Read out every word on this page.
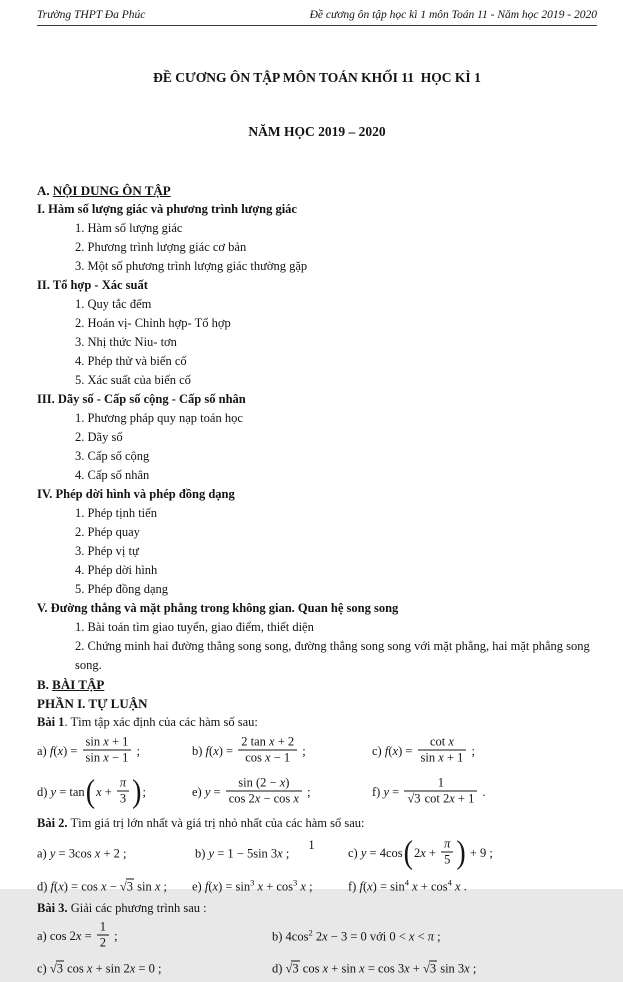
Trường THPT Đa Phúc	Đề cương ôn tập học kì 1 môn Toán 11 - Năm học 2019 - 2020

ĐỀ CƯƠNG ÔN TẬP MÔN TOÁN KHỐI 11  HỌC KÌ 1

NĂM HỌC 2019 – 2020

A. NỘI DUNG ÔN TẬP
I. Hàm số lượng giác và phương trình lượng giác
1. Hàm số lượng giác
2. Phương trình lượng giác cơ bản
3. Một số phương trình lượng giác thường gặp
II. Tổ hợp - Xác suất
1. Quy tắc đếm
2. Hoán vị- Chỉnh hợp- Tổ hợp
3. Nhị thức Niu- tơn
4. Phép thử và biến cố
5. Xác suất của biến cố
III. Dãy số - Cấp số cộng - Cấp số nhân
1. Phương pháp quy nạp toán học
2. Dãy số
3. Cấp số cộng
4. Cấp số nhân
IV. Phép dời hình và phép đồng dạng
1. Phép tịnh tiến
2. Phép quay
3. Phép vị tự
4. Phép dời hình
5. Phép đồng dạng
V. Đường thẳng và mặt phẳng trong không gian. Quan hệ song song
1. Bài toán tìm giao tuyến, giao điểm, thiết diện
2. Chứng minh hai đường thẳng song song, đường thẳng song song với mặt phẳng, hai mặt phẳng song song.
B. BÀI TẬP
PHẦN I. TỰ LUẬN
Bài 1. Tìm tập xác định của các hàm số sau:
a) $f(x) = \frac{\text{sin x + 1}}{\text{sin x − 1}}$ ;	b) $f(x) = \frac{\text{2 tan x + 2}}{\text{cos x − 1}}$ ;	c) $f(x) = \frac{\text{cot x}}{\text{sin x + 1}}$ ;
d) y = tan ( $x + \frac{\pi}{3}$ ) ;	e) $y = \frac{\sin (2 - x)}{\text{cos 2x − cos x}}$ ;	f) $y = \frac{1}{√3 \cot 2x + 1}$ .
Bài 2. Tìm giá trị lớn nhất và giá trị nhỏ nhất của các hàm số sau:
a) y = 3cos x + 2 ;	b) y = 1 − 5sin 3x ;	c) y = 4cos ( $2x + \frac{\pi}{5}$ ) + 9 ;
d) f(x) = cos x − √3 sin x ; e) $f(x) = \sin^3 x + \cos^3 x$ ;	f) $f(x) = \sin^4 x + \cos^4 x$ .
Bài 3. Giải các phương trình sau :
a) $\cos 2x = \frac{1}{2}$ ;	b) $4\cos^2$ 2x − 3 = 0 với 0 < x < π ;
c) √3 cos x + sin 2x = 0 ;	d) √3 cos x + sin x = cos 3x + √3 sin 3x ;
1
